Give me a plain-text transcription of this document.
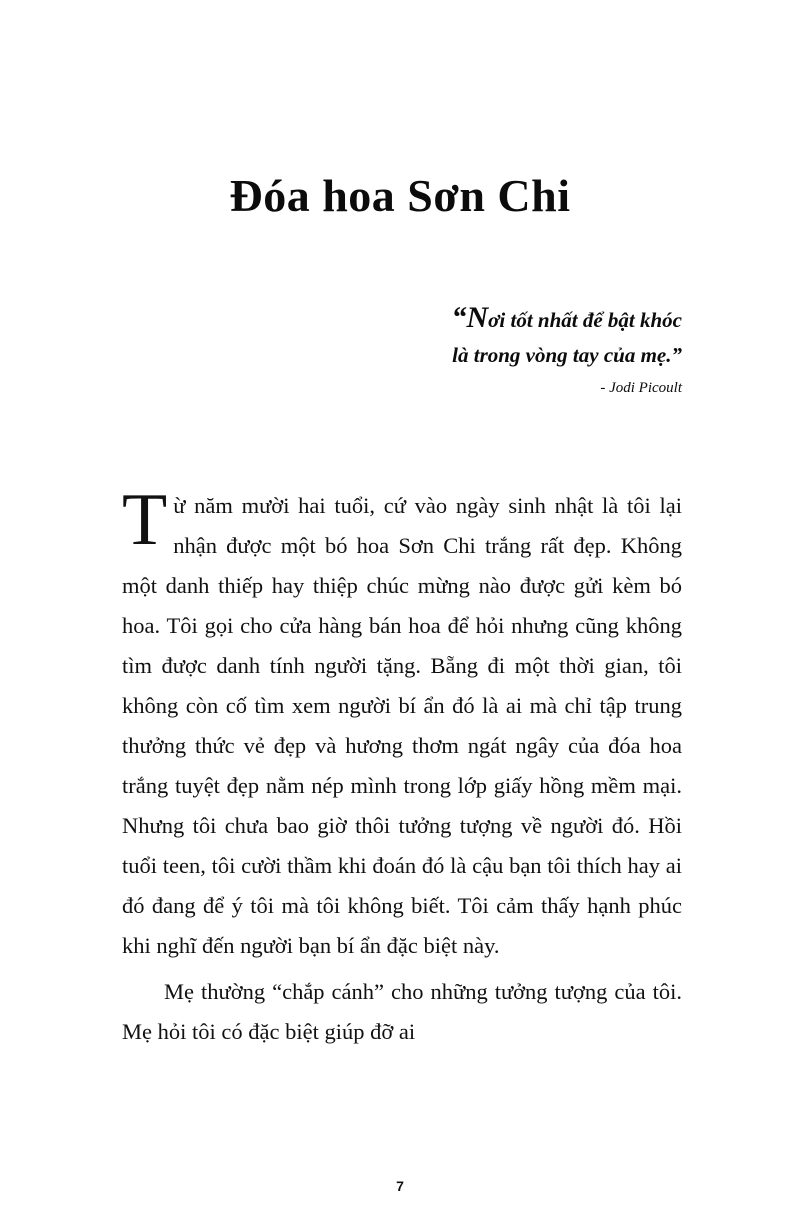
Đóa hoa Sơn Chi
“Nơi tốt nhất để bật khóc
là trong vòng tay của mẹ.”
- Jodi Picoult

Từ năm mười hai tuổi, cứ vào ngày sinh nhật là tôi lại nhận được một bó hoa Sơn Chi trắng rất đẹp. Không một danh thiếp hay thiệp chúc mừng nào được gửi kèm bó hoa. Tôi gọi cho cửa hàng bán hoa để hỏi nhưng cũng không tìm được danh tính người tặng. Bẵng đi một thời gian, tôi không còn cố tìm xem người bí ẩn đó là ai mà chỉ tập trung thưởng thức vẻ đẹp và hương thơm ngát ngây của đóa hoa trắng tuyệt đẹp nằm nép mình trong lớp giấy hồng mềm mại. Nhưng tôi chưa bao giờ thôi tưởng tượng về người đó. Hồi tuổi teen, tôi cười thầm khi đoán đó là cậu bạn tôi thích hay ai đó đang để ý tôi mà tôi không biết. Tôi cảm thấy hạnh phúc khi nghĩ đến người bạn bí ẩn đặc biệt này.

Mẹ thường “chắp cánh” cho những tưởng tượng của tôi. Mẹ hỏi tôi có đặc biệt giúp đỡ ai

7
